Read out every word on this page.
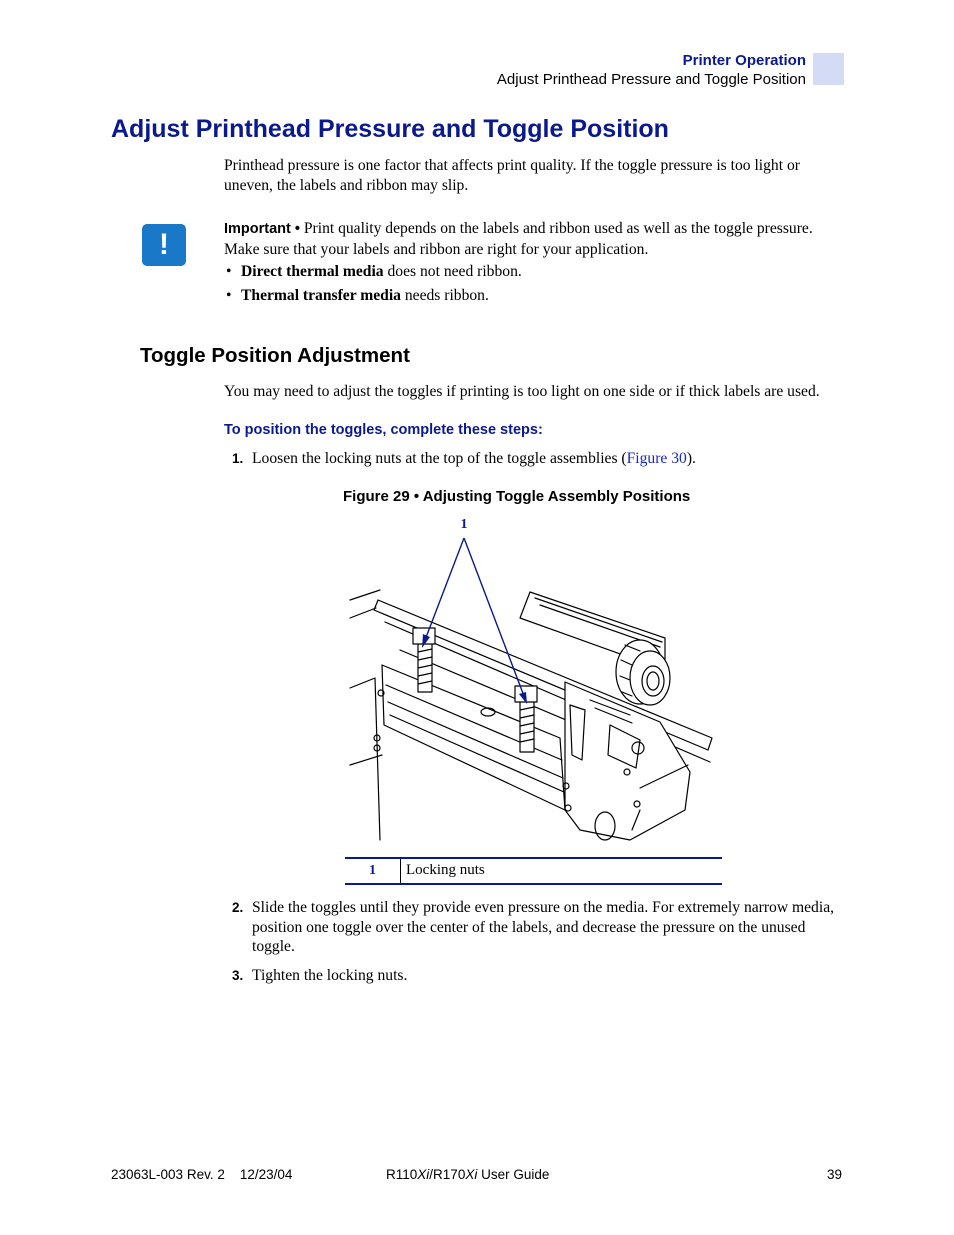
Printer Operation
Adjust Printhead Pressure and Toggle Position
Adjust Printhead Pressure and Toggle Position
Printhead pressure is one factor that affects print quality. If the toggle pressure is too light or uneven, the labels and ribbon may slip.
!	Important • Print quality depends on the labels and ribbon used as well as the toggle pressure. Make sure that your labels and ribbon are right for your application.
• Direct thermal media does not need ribbon.
• Thermal transfer media needs ribbon.
Toggle Position Adjustment
You may need to adjust the toggles if printing is too light on one side or if thick labels are used.
To position the toggles, complete these steps:
1. Loosen the locking nuts at the top of the toggle assemblies (Figure 30).
Figure 29 • Adjusting Toggle Assembly Positions
1
1	Locking nuts
2. Slide the toggles until they provide even pressure on the media. For extremely narrow media, position one toggle over the center of the labels, and decrease the pressure on the unused toggle.
3. Tighten the locking nuts.
23063L-003 Rev. 2    12/23/04	R110Xi/R170Xi User Guide	39
